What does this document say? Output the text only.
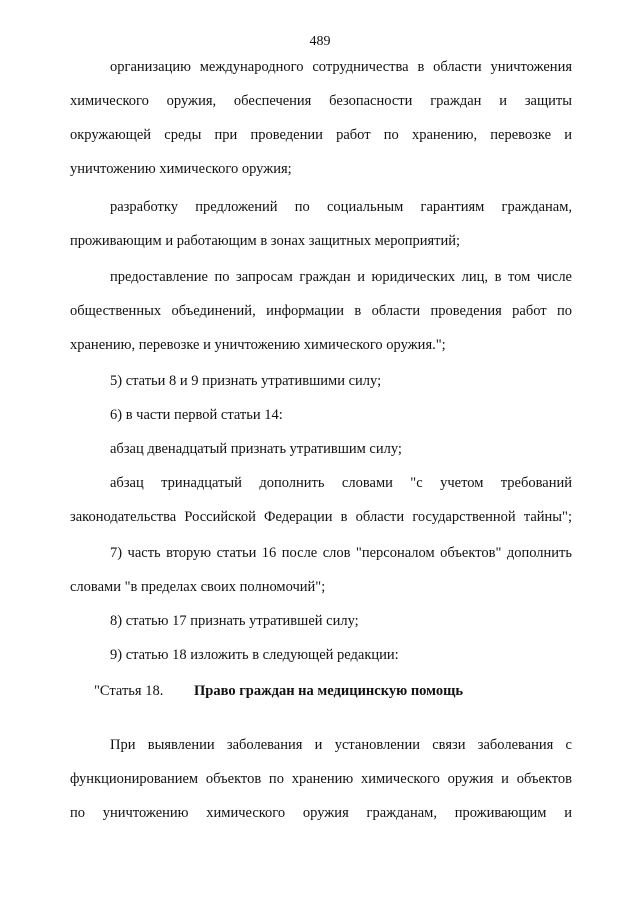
489
организацию международного сотрудничества в области уничтожения
химического оружия, обеспечения безопасности граждан и защиты
окружающей среды при проведении работ по хранению, перевозке и
уничтожению химического оружия;
разработку предложений по социальным гарантиям гражданам,
проживающим и работающим в зонах защитных мероприятий;
предоставление по запросам граждан и юридических лиц, в том числе
общественных объединений, информации в области проведения работ по
хранению, перевозке и уничтожению химического оружия.";
5) статьи 8 и 9 признать утратившими силу;
6) в части первой статьи 14:
абзац двенадцатый признать утратившим силу;
абзац тринадцатый дополнить словами "с учетом требований
законодательства Российской Федерации в области государственной тайны";
7) часть вторую статьи 16 после слов "персоналом объектов" дополнить
словами "в пределах своих полномочий";
8) статью 17 признать утратившей силу;
9) статью 18 изложить в следующей редакции:
"Статья 18. Право граждан на медицинскую помощь
При выявлении заболевания и установлении связи заболевания с
функционированием объектов по хранению химического оружия и объектов
по уничтожению химического оружия гражданам, проживающим и
